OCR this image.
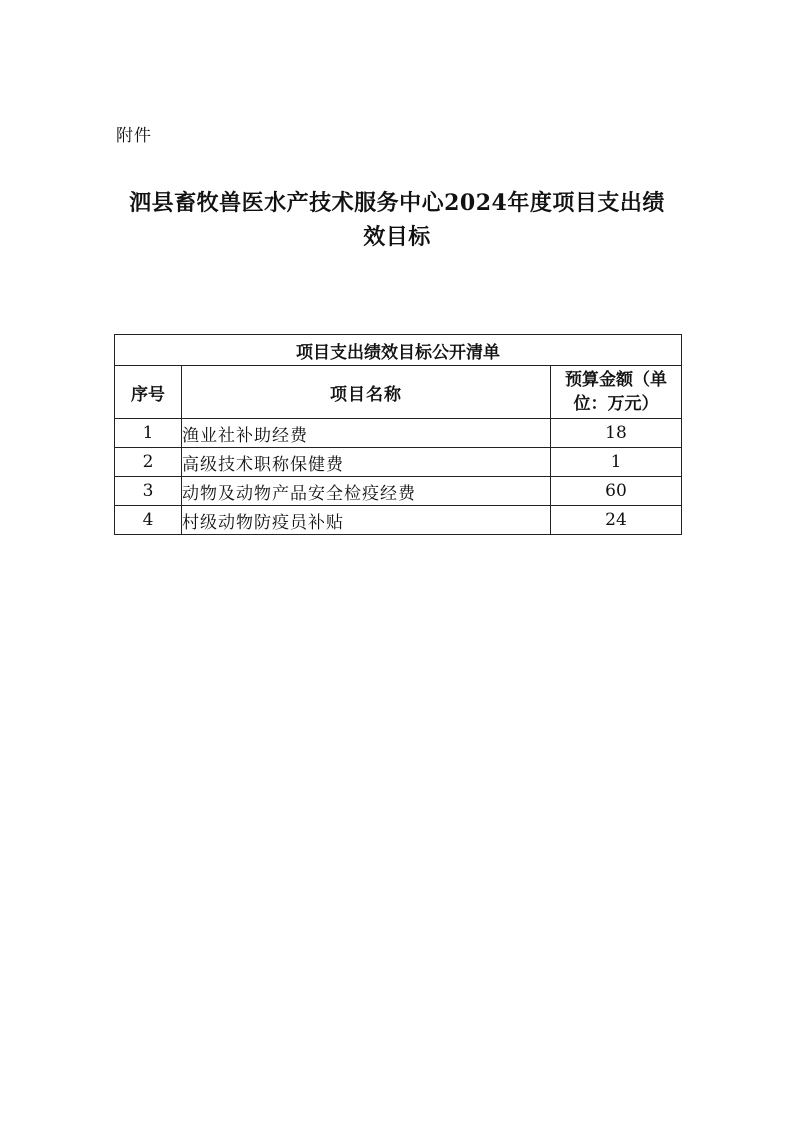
附件
泗县畜牧兽医水产技术服务中心2024年度项目支出绩
效目标
项目支出绩效目标公开清单		
序号	项目名称	预算金额（单
位：万元）

1	渔业社补助经费	18
2	高级技术职称保健费	1
3	动物及动物产品安全检疫经费	60
4	村级动物防疫员补贴	24
